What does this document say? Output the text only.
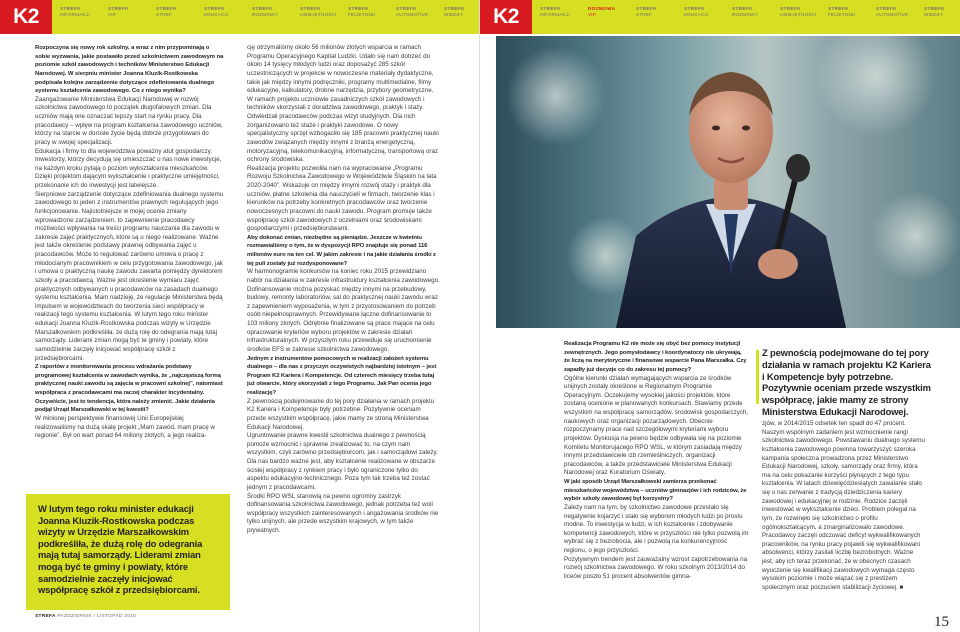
K2	STREFA
INFORMACJI
STREFA
VIP
STREFA
STREF
STREFA
EDUKACJI
STREFA
ROZMOWY
STREFA
UMIEJĘTNOŚCI
STREFA
FELIETONU
STREFA
AUTOMOTIVE
STREFA
WIEDZY

Rozpoczyna się nowy rok szkolny, a wraz z nim przypominają o sobie wyzwania, jakie postawiło przed szkolnictwem zawodowym na poziomie szkół zawodowych i techników Ministerstwo Edukacji Narodowej. W sierpniu minister Joanna Kluzik-Rostkowska podpisała kolejne zarządzenie dotyczące zdefiniowania dualnego systemu kształcenia zawodowego. Co z niego wynika?

Zaangażowanie Ministerstwa Edukacji Narodowej w rozwój szkolnictwa zawodowego to początek długofalowych zmian. Dla uczniów mają one oznaczać lepszy start na rynku pracy. Dla pracodawcy – wpływ na program kształcenia zawodowego uczniów, którzy na starcie w dorosłe życie będą dobrze przygotowani do pracy w swojej specjalizacji.

Edukacja i firmy to dla województwa poważny atut gospodarczy. Inwestorzy, którzy decydują się umieszczać u nas nowe inwestycje, na każdym kroku pytają o poziom wykształcenia mieszkańców. Dzięki projektom dającym wykształcenie i praktyczne umiejętności, przekonanie ich do inwestycji jest łatwiejsze.

Sierpniowe zarządzenie dotyczące zdefiniowania dualnego systemu zawodowego to jeden z instrumentów prawnych regulujących jego funkcjonowanie. Najistotniejsze w mojej ocenie zmiany wprowadzone zarządzeniem, to zapewnienie pracodawcy możliwości wpływania na treści programu nauczania dla zawodu w zakresie zajęć praktycznych, które są u niego realizowane. Ważne jest także określenie podstawy prawnej odbywania zajęć u pracodawców. Może to regulować zarówno umowa o pracę z młodocianym pracownikiem w celu przygotowania zawodowego, jak i umowa o praktyczną naukę zawodu zawarta pomiędzy dyrektorem szkoły a pracodawcą. Ważne jest określenie wymiaru zajęć praktycznych odbywanych u pracodawców na zasadach dualnego systemu kształcenia. Mam nadzieję, że regulacje Ministerstwa będą impulsem w województwach do tworzenia sieci współpracy w realizacji tego systemu kształcenia. W lutym tego roku minister edukacji Joanna Kluzik-Rostkowska podczas wizyty w Urzędzie Marszałkowskim podkreśliła, że dużą rolę do odegrania mają tutaj samorządy. Liderami zmian mogą być te gminy i powiaty, które samodzielnie zaczęły inicjować współpracę szkół z przedsiębiorcami.

Z raportów z monitorowania procesu wdrażania podstawy programowej kształcenia w zawodach wynika, że „najczęstszą formą praktycznej nauki zawodu są zajęcia w pracowni szkolnej”, natomiast współpraca z pracodawcami ma raczej charakter incydentalny. Oczywiście, jest to tendencja, która należy zmienić. Jakie działania podjął Urząd Marszałkowski w tej kwestii?

W minionej perspektywie finansowej Unii Europejskiej realizowaliśmy na dużą skalę projekt „Mam zawód, mam pracę w regionie”. Był on wart ponad 64 miliony złotych, a jego realiza-

cję otrzymaliśmy około 56 milionów złotych wsparcia w ramach Programu Operacyjnego Kapitał Ludzki. Udało się nam dotrzeć do około 14 tysięcy młodych ludzi oraz doposażyć 285 szkół uczestniczących w projekcie w nowoczesne materiały dydaktyczne, takie jak między innymi podręczniki, programy multimedialne, filmy edukacyjne, kalkulatory, drobne narzędzia, przybory geometryczne.

W ramach projektu uczniowie zasadniczych szkół zawodowych i techników skorzystali z doradztwa zawodowego, praktyk i staży. Odwiedzali pracodawców podczas wizyt studyjnych. Dla nich zorganizowano też staże i praktyki zawodowe. O nowy specjalistyczny sprzęt wzbogaciło się 185 pracowni praktycznej nauki zawodów związanych między innymi z branżą energetyczną, motoryzacyjną, telekomunikacyjną, informatyczną, transportową oraz ochrony środowiska.

Realizacja projektu pozwoliła nam na wypracowanie „Programu Rozwoju Szkolnictwa Zawodowego w Województwie Śląskim na lata 2020-2040”. Wskazuje on między innymi rozwój staży i praktyk dla uczniów, płatne szkolenia dla nauczycieli w firmach, tworzenie klas i kierunków na potrzeby konkretnych pracodawców oraz tworzenie nowoczesnych pracowni do nauki zawodu. Program promuje także współpracę szkół zawodowych z uczelniami oraz środowiskami gospodarczymi i przedsiębiorstwami.

Aby dokonać zmian, niezbędne są pieniądze. Jeszcze w kwietniu rozmawialiśmy o tym, że w dyspozycji RPO znajduje się ponad 116 milionów euro na ten cel. W jakim zakresie i na jakie działania środki z tej puli zostały już rozdysponowane?

W harmonogramie konkursów na koniec roku 2015 przewidziano nabór na działania w zakresie infrastruktury kształcenia zawodowego. Dofinansowanie można pozyskać między innymi na przebudowy, budowy, remonty laboratoriów, sal do praktycznej nauki zawodu wraz z zapewnieniem wyposażenia, w tym z przystosowaniem do potrzeb osób niepełnosprawnych. Przewidywane łączne dofinansowanie to 103 miliony złotych. Odrębnie finalizowane są prace mające na celu opracowanie kryteriów wyboru projektów w zakresie działań infrastrukturalnych. W przyszłym roku przewiduje się uruchomienie środków EFS w zakresie szkolnictwa zawodowego.

Jednym z instrumentów pomocowych w realizacji założeń systemu dualnego – dla nas z przyczyn oczywistych najbardziej istotnym – jest Program K2 Kariera i Kompetencje. Od czterech miesięcy trzeba tutaj już otwarcie, który skorzystali z tego Programu. Jak Pan ocenia jego realizację?

Z pewnością podejmowanie do tej pory działania w ramach projektu K2 Kariera i Kompetencje były potrzebne. Pozytywnie oceniam przede wszystkim współpracę, jakie mamy ze stroną Ministerstwa Edukacji Narodowej.

Ugruntowanie prawne kwestii szkolnictwa dualnego z pewnością pomoże wzmocnić i sprawnie zrealizować to, na czym nam wszystkim, czyli zarówno przedsiębiorcom, jak i samorządowi zależy. Dla nas bardzo ważne jest, aby kształcenie realizowane w obszarze ścisłej współpracy z rynkiem pracy i było ograniczone tylko do aspektu edukacyjno-technicznego. Poza tym tak trzeba też zostać jednym z pracodawcami.

Środki RPO WSL stanowią na pewno ogromny zastrzyk dofinansowania szkolnictwa zawodowego, jednak potrzeba też woli współpracy wszystkich zainteresowanych i angażowania środków nie tylko unijnych, ale przede wszystkim krajowych, w tym także prywatnych.

W lutym tego roku minister edukacji Joanna Kluzik-Rostkowska podczas wizyty w Urzędzie Marszałkowskim podkreśliła, że dużą rolę do odegrania mają tutaj samorządy. Liderami zmian mogą być te gminy i powiaty, które samodzielnie zaczęły inicjować współpracę szkół z przedsiębiorcami.

STREFA PAŹDZIERNIK / LISTOPAD 2015
K2	STREFA
INFORMACJI
ROZMOWA
VIP
STREFA
STREF
STREFA
EDUKACJI
STREFA
ROZMOWY
STREFA
UMIEJĘTNOŚCI
STREFA
FELIETONU
STREFA
AUTOMOTIVE
STREFA
WIEDZY

Realizacja Programu K2 nie może się obyć bez pomocy instytucji zewnętrznych. Jego pomysłodawcy i koordynatorzy nie ukrywają, że liczą na merytoryczne i finansowe wsparcie Pana Marszałka. Czy zapadły już decyzje co do zakresu tej pomocy?

Ogólne kierunki działań wymagających wsparcia ze środków unijnych zostały określone w Regionalnym Programie Operacyjnym. Oczekujemy wysokiej jakości projektów, które zostaną ocenione w planowanych konkursach. Stawiamy przede wszystkim na współpracę samorządów, środowisk gospodarczych, naukowych oraz organizacji pozarządowych. Obecnie rozpoczynamy prace nad szczegółowymi kryteriami wyboru projektów. Dyskusja na pewno będzie odbywała się na poziomie Komitetu Monitorującego RPO WSL, w którym zasiadają między innymi przedstawiciele izb rzemieślniczych, organizacji pracodawców, a także przedstawiciele Ministerstwa Edukacji Narodowej oraz Kuratorium Oświaty.

W jaki sposób Urząd Marszałkowski zamierza przekonać mieszkańców województwa – uczniów gimnazjów i ich rodziców, że wybór szkoły zawodowej był korzystny?

Zależy nam na tym, by szkolnictwo zawodowe przestało się negatywnie kojarzyć i stało się wyborem młodych ludzi po prostu modne. To inwestycja w ludzi, w ich kształcenie i zdobywanie kompetencji zawodowych, które w przyszłości nie tylko pozwolą im wybrać się z bezrobocia, ale i pozwolą na konkurencyjność regionu, o jego przyszłości.

Pozytywnym trendem jest zauważalny wzrost zapotrzebowania na rozwój szkolnictwa zawodowego. W roku szkolnym 2013/2014 do liceów poszło 51 procent absolwentów gimna-

Z pewnością podejmowane do tej pory działania w ramach projektu K2 Kariera i Kompetencje były potrzebne. Pozytywnie oceniam przede wszystkim współpracę, jakie mamy ze strony Ministerstwa Edukacji Narodowej.

zjów, w 2014/2015 odsetek ten spadł do 47 procent. Naszym wspólnym zadaniem jest wzmocnienie rangi szkolnictwa zawodowego. Powstawaniu dualnego systemu kształcenia zawodowego powinna towarzyszyć szeroka kampania społeczna prowadzona przez Ministerstwo Edukacji Narodowej, szkoły, samorządy oraz firmy, która ma na celu pokazanie korzyści płynących z tego typu kształcenia. W latach dziewięćdziesiątych zawalanie stało się u nas zerwanie z tradycją dziedziczenia kariery zawodowej i edukacyjnej w rodzinie. Rodzice zaczęli inwestować w wykształcenie dzieci. Problem polegał na tym, że rozwinęło się szkolnictwo o profilu ogólnokształcącym, a zmarginalizowało zawodowe. Pracodawcy zaczęli odczuwać deficyt wykwalifikowanych pracowników, na rynku pracy pojawili się wykwalifikowani absolwenci, którzy zasilali liczbę bezrobotnych. Ważne jest, aby ich teraz przekonać, że w obecnych czasach wyuczenie się kwalifikacji zawodowych wymaga często wysokim poziomie i może wiązać się z prestiżem społecznym oraz poczuciem stabilizacji życiowej. ■

15
